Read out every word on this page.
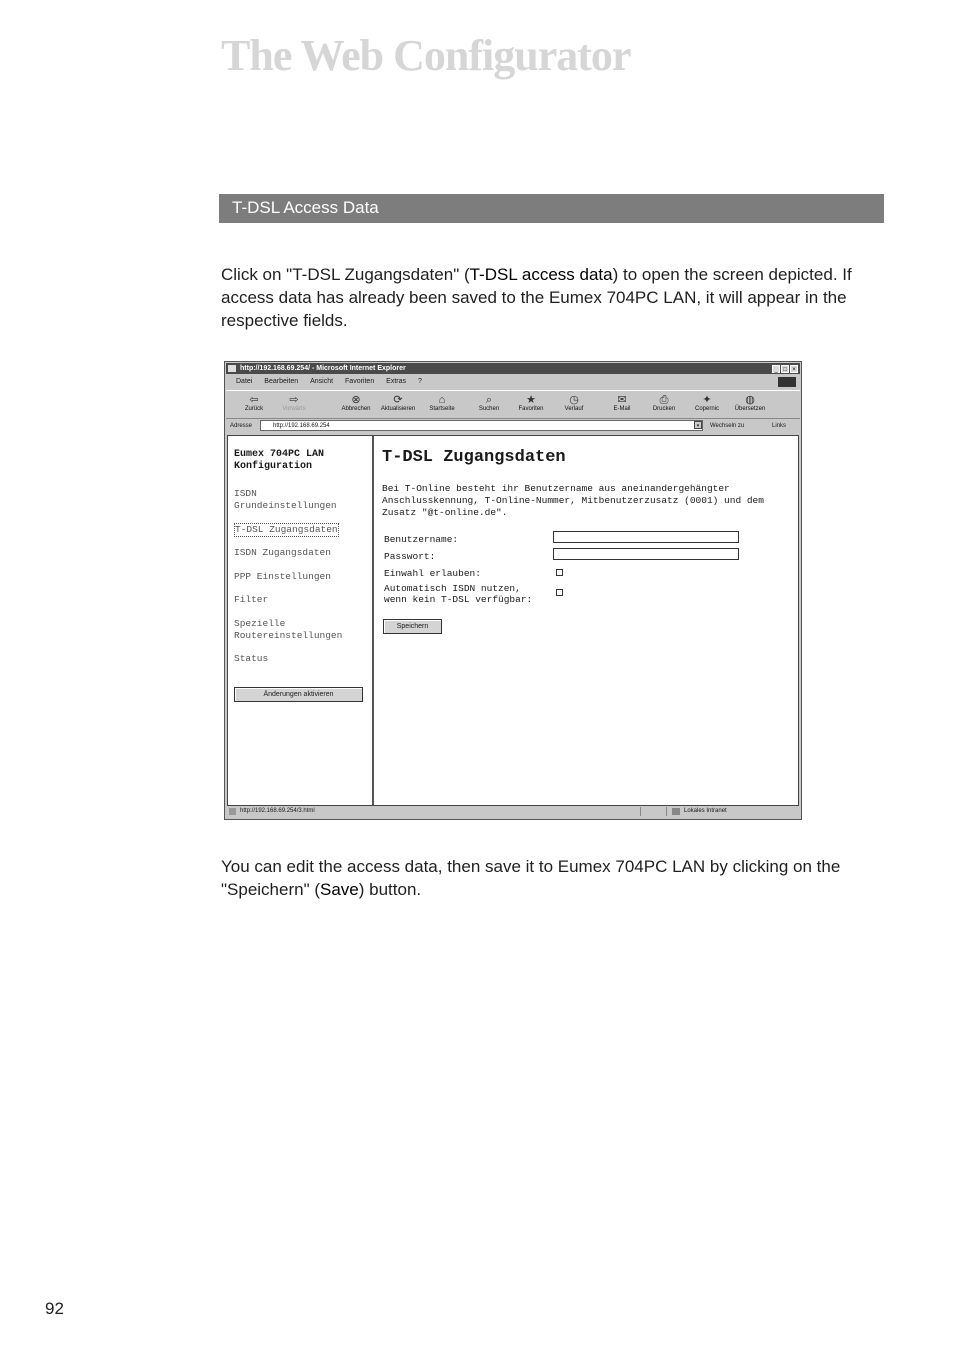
The Web Configurator
T-DSL Access Data
Click on "T-DSL Zugangsdaten" (T-DSL access data) to open the screen depicted. If access data has already been saved to the Eumex 704PC LAN, it will appear in the respective fields.
http://192.168.69.254/ - Microsoft Internet Explorer	_ □ ×
Datei Bearbeiten Ansicht Favoriten Extras ?
⇦
Zurück
⇨
Vorwärts
⊗
Abbrechen
⟳
Aktualisieren
⌂
Startseite
⌕
Suchen
★
Favoriten
◷
Verlauf
✉
E-Mail
⎙
Drucken
✦
Copernic
◍
Übersetzen
Adresse	http://192.168.69.254	▾	Wechseln zu	Links
Eumex 704PC LAN
Konfiguration
ISDN
Grundeinstellungen
T-DSL Zugangsdaten
ISDN Zugangsdaten
PPP Einstellungen
Filter
Spezielle
Routereinstellungen
Status
Änderungen aktivieren
T-DSL Zugangsdaten
Bei T-Online besteht ihr Benutzername aus aneinandergehängter Anschlusskennung, T-Online-Nummer, Mitbenutzerzusatz (0001) und dem Zusatz "@t-online.de".
Benutzername:
Passwort:
Einwahl erlauben:
Automatisch ISDN nutzen,
wenn kein T-DSL verfügbar:
Speichern
http://192.168.69.254/3.html	Lokales Intranet
You can edit the access data, then save it to Eumex 704PC LAN by clicking on the "Speichern" (Save) button.
92
